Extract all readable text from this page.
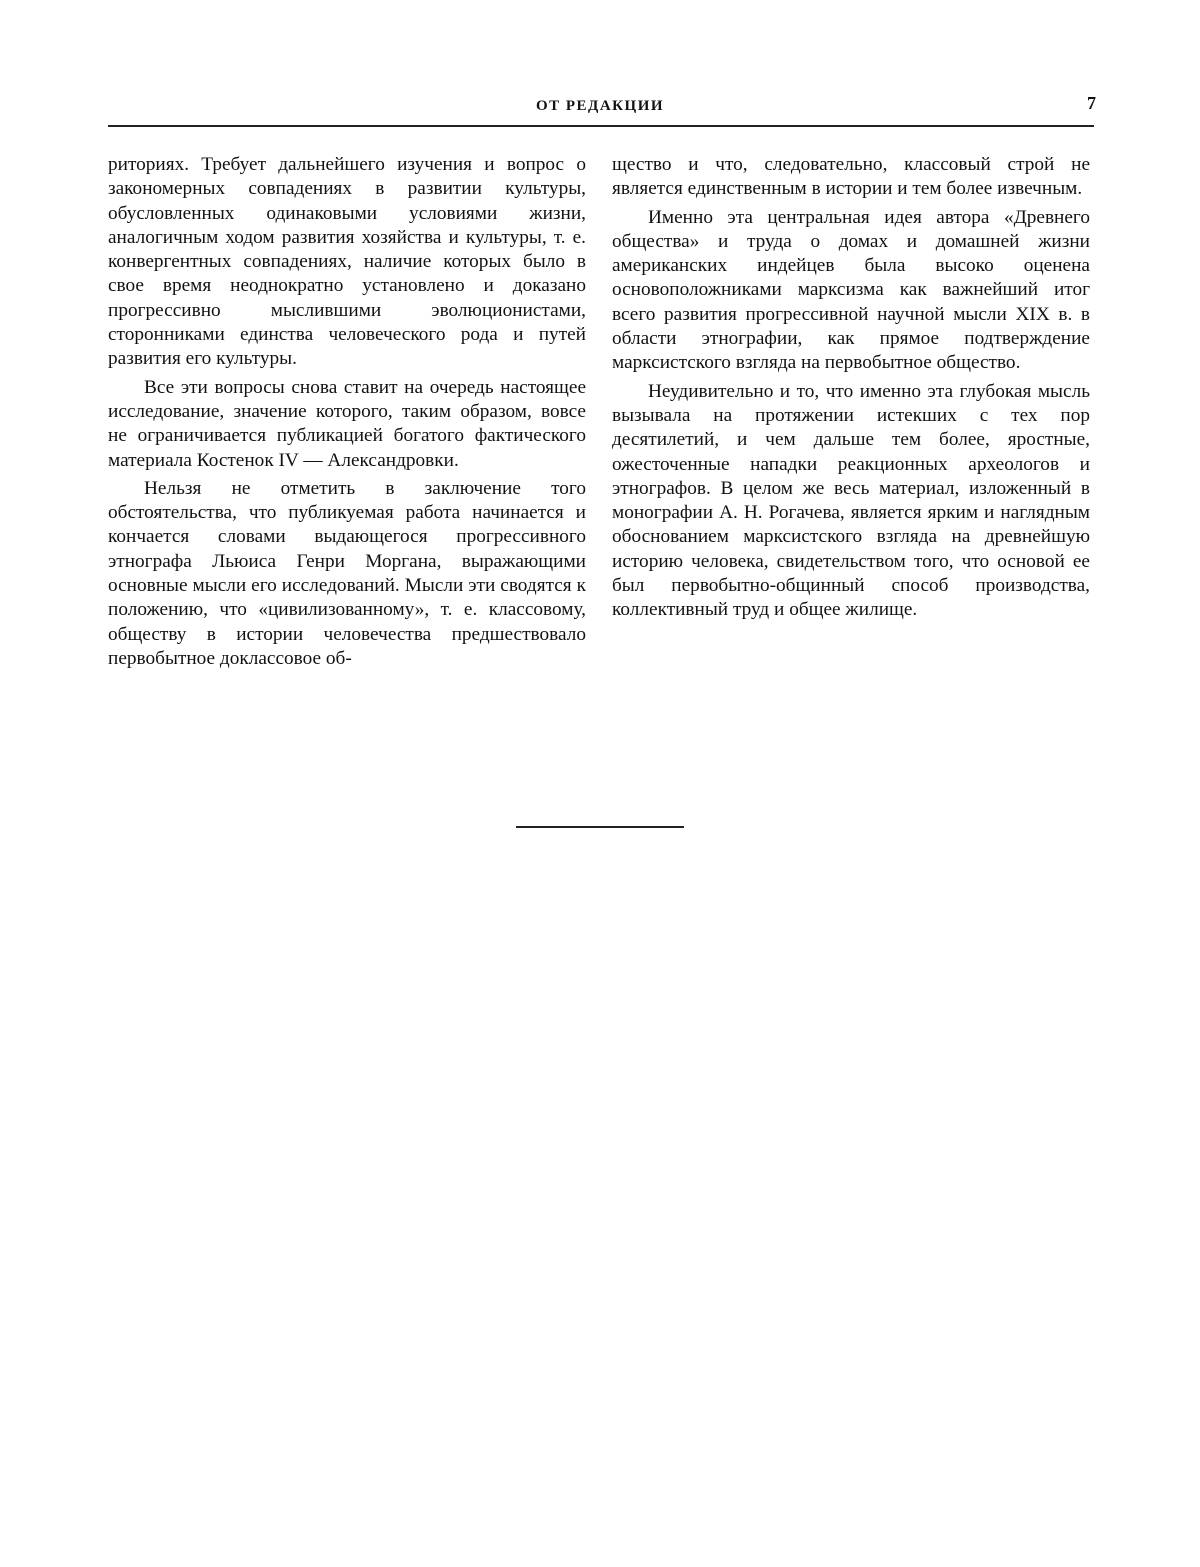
ОТ РЕДАКЦИИ	7

риториях. Требует дальнейшего изучения и вопрос о закономерных совпадениях в развитии культуры, обусловленных одинаковыми условиями жизни, аналогичным ходом развития хозяйства и культуры, т. е. конвергентных совпадениях, наличие которых было в свое время неоднократно установлено и доказано прогрессивно мыслившими эволюционистами, сторонниками единства человеческого рода и путей развития его культуры.

Все эти вопросы снова ставит на очередь настоящее исследование, значение которого, таким образом, вовсе не ограничивается публикацией богатого фактического материала Костенок IV — Александровки.

Нельзя не отметить в заключение того обстоятельства, что публикуемая работа начинается и кончается словами выдающегося прогрессивного этнографа Льюиса Генри Моргана, выражающими основные мысли его исследований. Мысли эти сводятся к положению, что «цивилизованному», т. е. классовому, обществу в истории человечества предшествовало первобытное доклассовое об-

щество и что, следовательно, классовый строй не является единственным в истории и тем более извечным.

Именно эта центральная идея автора «Древнего общества» и труда о домах и домашней жизни американских индейцев была высоко оценена основоположниками марксизма как важнейший итог всего развития прогрессивной научной мысли XIX в. в области этнографии, как прямое подтверждение марксистского взгляда на первобытное общество.

Неудивительно и то, что именно эта глубокая мысль вызывала на протяжении истекших с тех пор десятилетий, и чем дальше тем более, яростные, ожесточенные нападки реакционных археологов и этнографов. В целом же весь материал, изложенный в монографии А. Н. Рогачева, является ярким и наглядным обоснованием марксистского взгляда на древнейшую историю человека, свидетельством того, что основой ее был первобытно-общинный способ производства, коллективный труд и общее жилище.
